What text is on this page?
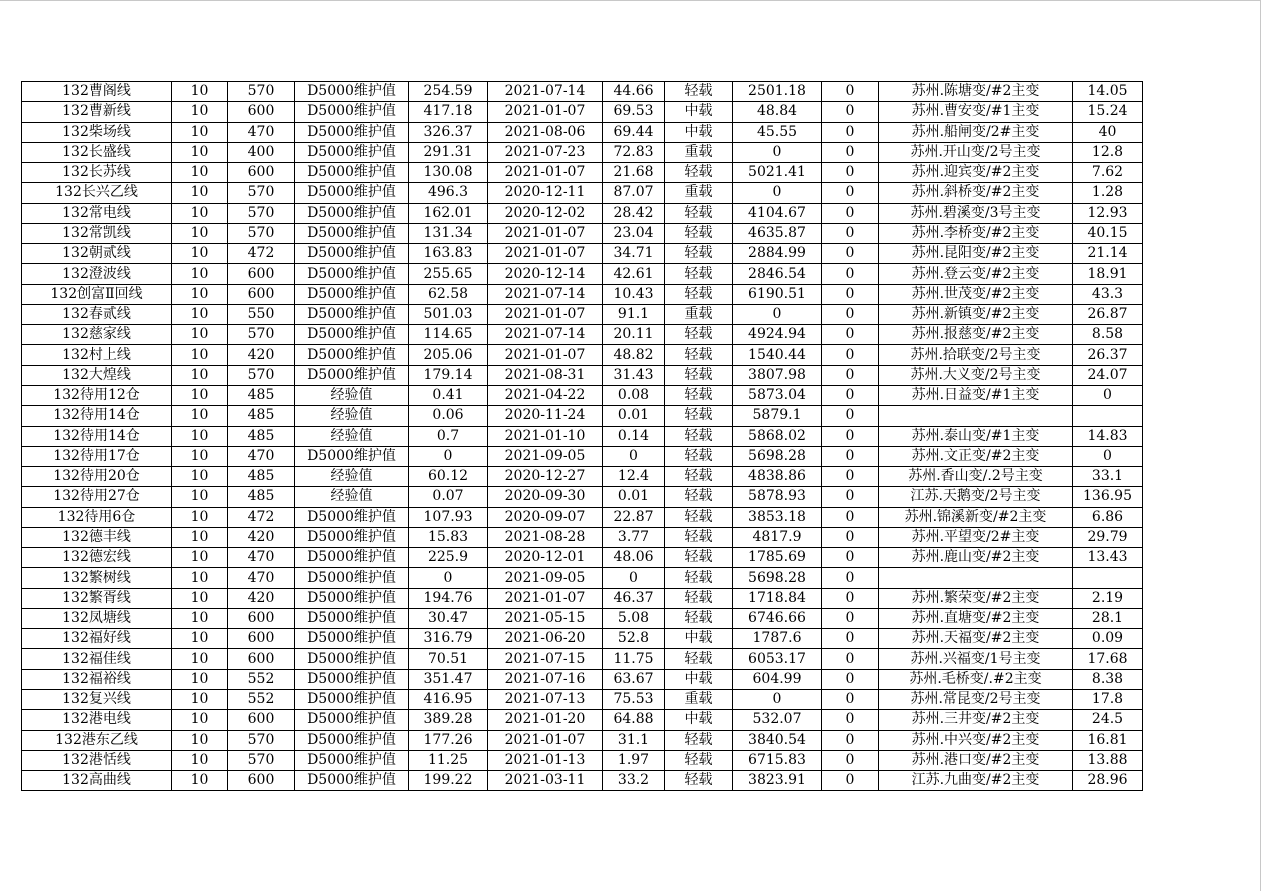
132曹阁线	10	570	D5000维护值	254.59	2021-07-14	44.66	轻载	2501.18	0	苏州.陈塘变/#2主变	14.05
132曹新线	10	600	D5000维护值	417.18	2021-01-07	69.53	中载	48.84	0	苏州.曹安变/#1主变	15.24
132柴场线	10	470	D5000维护值	326.37	2021-08-06	69.44	中载	45.55	0	苏州.船闸变/2#主变	40
132长盛线	10	400	D5000维护值	291.31	2021-07-23	72.83	重载	0	0	苏州.开山变/2号主变	12.8
132长苏线	10	600	D5000维护值	130.08	2021-01-07	21.68	轻载	5021.41	0	苏州.迎宾变/#2主变	7.62
132长兴乙线	10	570	D5000维护值	496.3	2020-12-11	87.07	重载	0	0	苏州.斜桥变/#2主变	1.28
132常电线	10	570	D5000维护值	162.01	2020-12-02	28.42	轻载	4104.67	0	苏州.碧溪变/3号主变	12.93
132常凯线	10	570	D5000维护值	131.34	2021-01-07	23.04	轻载	4635.87	0	苏州.李桥变/#2主变	40.15
132朝贰线	10	472	D5000维护值	163.83	2021-01-07	34.71	轻载	2884.99	0	苏州.昆阳变/#2主变	21.14
132澄波线	10	600	D5000维护值	255.65	2020-12-14	42.61	轻载	2846.54	0	苏州.登云变/#2主变	18.91
132创富Ⅱ回线	10	600	D5000维护值	62.58	2021-07-14	10.43	轻载	6190.51	0	苏州.世茂变/#2主变	43.3
132春贰线	10	550	D5000维护值	501.03	2021-01-07	91.1	重载	0	0	苏州.新镇变/#2主变	26.87
132慈家线	10	570	D5000维护值	114.65	2021-07-14	20.11	轻载	4924.94	0	苏州.报慈变/#2主变	8.58
132村上线	10	420	D5000维护值	205.06	2021-01-07	48.82	轻载	1540.44	0	苏州.拾联变/2号主变	26.37
132大煌线	10	570	D5000维护值	179.14	2021-08-31	31.43	轻载	3807.98	0	苏州.大义变/2号主变	24.07
132待用12仓	10	485	经验值	0.41	2021-04-22	0.08	轻载	5873.04	0	苏州.日益变/#1主变	0
132待用14仓	10	485	经验值	0.06	2020-11-24	0.01	轻载	5879.1	0		
132待用14仓	10	485	经验值	0.7	2021-01-10	0.14	轻载	5868.02	0	苏州.泰山变/#1主变	14.83
132待用17仓	10	470	D5000维护值	0	2021-09-05	0	轻载	5698.28	0	苏州.文正变/#2主变	0
132待用20仓	10	485	经验值	60.12	2020-12-27	12.4	轻载	4838.86	0	苏州.香山变/.2号主变	33.1
132待用27仓	10	485	经验值	0.07	2020-09-30	0.01	轻载	5878.93	0	江苏.天鹅变/2号主变	136.95
132待用6仓	10	472	D5000维护值	107.93	2020-09-07	22.87	轻载	3853.18	0	苏州.锦溪新变/#2主变	6.86
132德丰线	10	420	D5000维护值	15.83	2021-08-28	3.77	轻载	4817.9	0	苏州.平望变/2#主变	29.79
132德宏线	10	470	D5000维护值	225.9	2020-12-01	48.06	轻载	1785.69	0	苏州.鹿山变/#2主变	13.43
132繁树线	10	470	D5000维护值	0	2021-09-05	0	轻载	5698.28	0		
132繁胥线	10	420	D5000维护值	194.76	2021-01-07	46.37	轻载	1718.84	0	苏州.繁荣变/#2主变	2.19
132凤塘线	10	600	D5000维护值	30.47	2021-05-15	5.08	轻载	6746.66	0	苏州.直塘变/#2主变	28.1
132福好线	10	600	D5000维护值	316.79	2021-06-20	52.8	中载	1787.6	0	苏州.天福变/#2主变	0.09
132福佳线	10	600	D5000维护值	70.51	2021-07-15	11.75	轻载	6053.17	0	苏州.兴福变/1号主变	17.68
132福裕线	10	552	D5000维护值	351.47	2021-07-16	63.67	中载	604.99	0	苏州.毛桥变/.#2主变	8.38
132复兴线	10	552	D5000维护值	416.95	2021-07-13	75.53	重载	0	0	苏州.常昆变/2号主变	17.8
132港电线	10	600	D5000维护值	389.28	2021-01-20	64.88	中载	532.07	0	苏州.三井变/#2主变	24.5
132港东乙线	10	570	D5000维护值	177.26	2021-01-07	31.1	轻载	3840.54	0	苏州.中兴变/#2主变	16.81
132港恬线	10	570	D5000维护值	11.25	2021-01-13	1.97	轻载	6715.83	0	苏州.港口变/#2主变	13.88
132高曲线	10	600	D5000维护值	199.22	2021-03-11	33.2	轻载	3823.91	0	江苏.九曲变/#2主变	28.96
